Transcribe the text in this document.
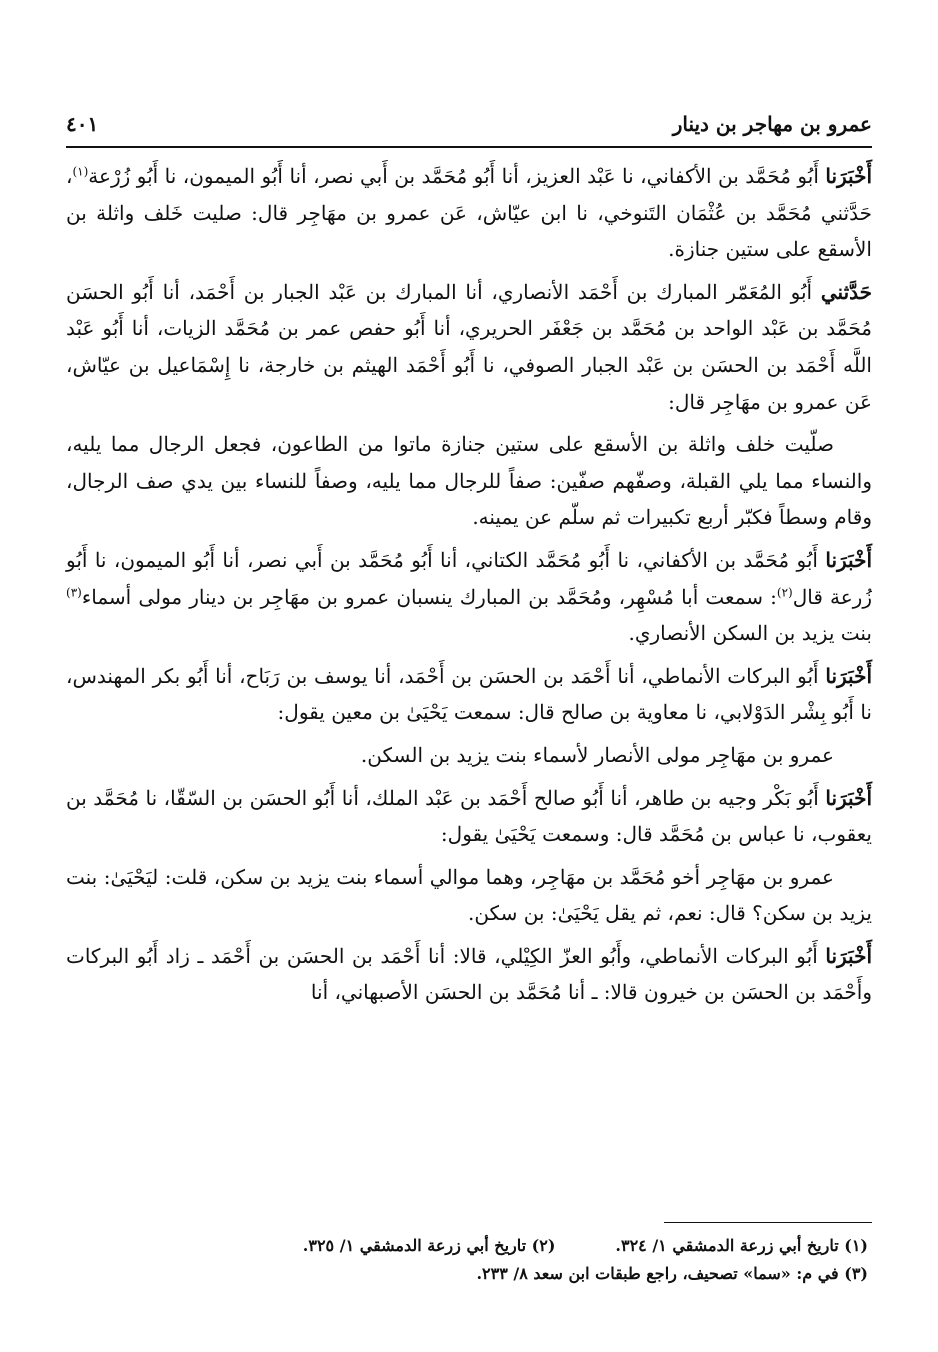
عمرو بن مهاجر بن دينار
٤٠١

أَخْبَرَنا أَبُو مُحَمَّد بن الأكفاني، نا عَبْد العزيز، أنا أَبُو مُحَمَّد بن أَبي نصر، أنا أَبُو الميمون، نا أَبُو زُرْعة$^{(١)}$، حَدَّثني مُحَمَّد بن عُثْمَان التَنوخي، نا ابن عيّاش، عَن عمرو بن مهَاجِر قال: صليت خَلف واثلة بن الأسقع على ستين جنازة.

حَدَّثني أَبُو المُعَمّر المبارك بن أَحْمَد الأنصاري، أنا المبارك بن عَبْد الجبار بن أَحْمَد، أنا أَبُو الحسَن مُحَمَّد بن عَبْد الواحد بن مُحَمَّد بن جَعْفَر الحريري، أنا أَبُو حفص عمر بن مُحَمَّد الزيات، أنا أَبُو عَبْد اللَّه أَحْمَد بن الحسَن بن عَبْد الجبار الصوفي، نا أَبُو أَحْمَد الهيثم بن خارجة، نا إِسْمَاعيل بن عيّاش، عَن عمرو بن مهَاجِر قال:

صلّيت خلف واثلة بن الأسقع على ستين جنازة ماتوا من الطاعون، فجعل الرجال مما يليه، والنساء مما يلي القبلة، وصفّهم صفّين: صفاً للرجال مما يليه، وصفاً للنساء بين يدي صف الرجال، وقام وسطاً فكبّر أربع تكبيرات ثم سلّم عن يمينه.

أَخْبَرَنا أَبُو مُحَمَّد بن الأكفاني، نا أَبُو مُحَمَّد الكتاني، أنا أَبُو مُحَمَّد بن أَبي نصر، أنا أَبُو الميمون، نا أَبُو زُرعة قال$^{(٢)}$: سمعت أبا مُسْهِر، ومُحَمَّد بن المبارك ينسبان عمرو بن مهَاجِر بن دينار مولى أسماء$^{(٣)}$ بنت يزيد بن السكن الأنصاري.

أَخْبَرَنا أَبُو البركات الأنماطي، أنا أَحْمَد بن الحسَن بن أَحْمَد، أنا يوسف بن رَبَاح، أنا أَبُو بكر المهندس، نا أَبُو بِشْر الدَوْلابي، نا معاوية بن صالح قال: سمعت يَحْيَىٰ بن معين يقول:

عمرو بن مهَاجِر مولى الأنصار لأسماء بنت يزيد بن السكن.

أَخْبَرَنا أَبُو بَكْر وجيه بن طاهر، أنا أَبُو صالح أَحْمَد بن عَبْد الملك، أنا أَبُو الحسَن بن السّقّا، نا مُحَمَّد بن يعقوب، نا عباس بن مُحَمَّد قال: وسمعت يَحْيَىٰ يقول:

عمرو بن مهَاجِر أخو مُحَمَّد بن مهَاجِر، وهما موالي أسماء بنت يزيد بن سكن، قلت: ليَحْيَىٰ: بنت يزيد بن سكن؟ قال: نعم، ثم يقل يَحْيَىٰ: بن سكن.

أَخْبَرَنا أَبُو البركات الأنماطي، وأَبُو العزّ الكِيْلي، قالا: أنا أَحْمَد بن الحسَن بن أَحْمَد ـ زاد أَبُو البركات وأَحْمَد بن الحسَن بن خيرون قالا: ـ أنا مُحَمَّد بن الحسَن الأصبهاني، أنا

(١) تاريخ أبي زرعة الدمشقي ١/ ٣٢٤.
(٢) تاريخ أبي زرعة الدمشقي ١/ ٣٢٥.
(٣) في م: «سما» تصحيف، راجع طبقات ابن سعد ٨/ ٢٣٣.
